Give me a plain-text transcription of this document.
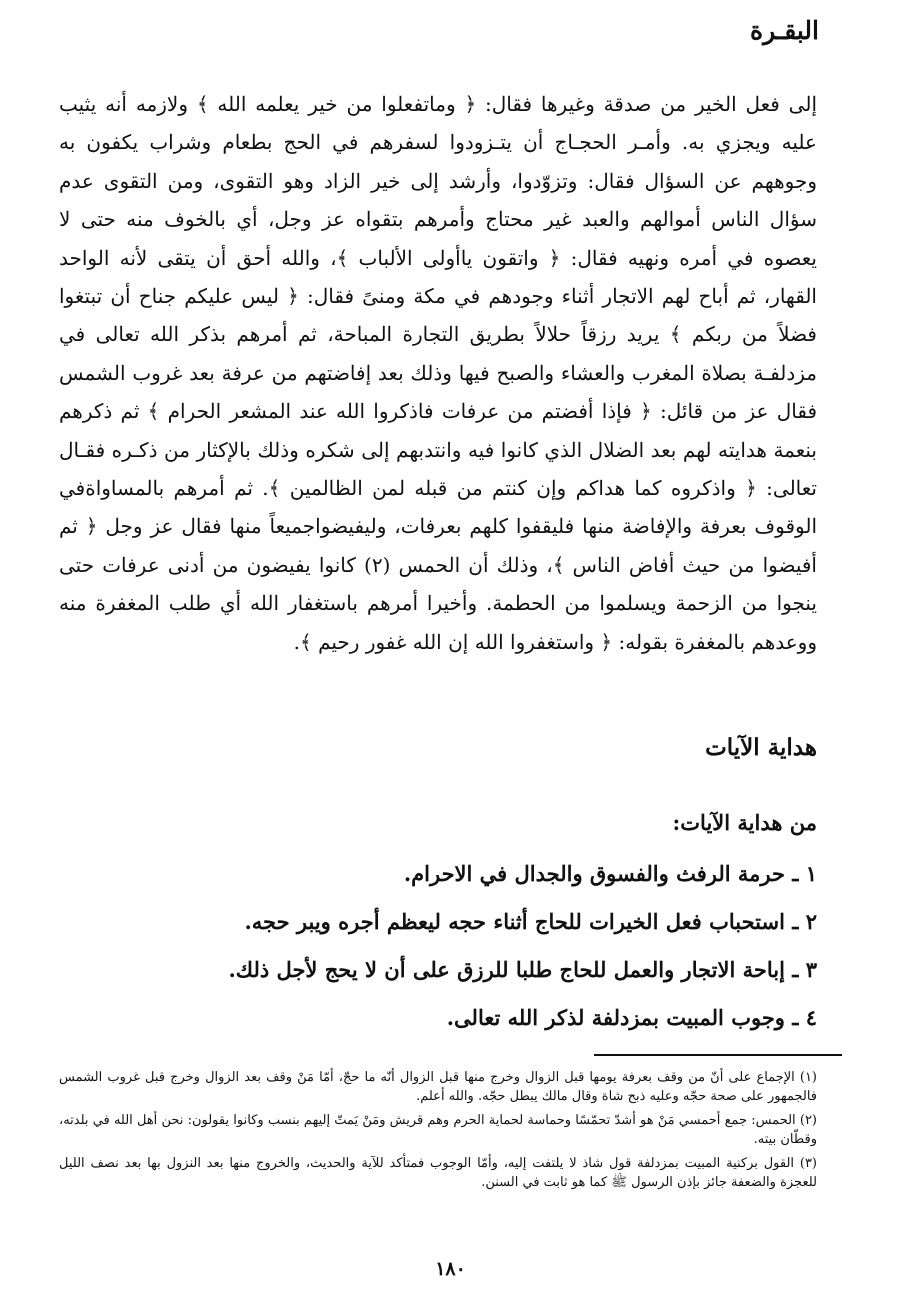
البقـرة

إلى فعل الخير من صدقة وغيرها فقال: ﴿ وماتفعلوا من خير يعلمه الله ﴾ ولازمه أنه يثيب عليه ويجزي به. وأمـر الحجـاج أن يتـزودوا لسفرهم في الحج بطعام وشراب يكفون به وجوههم عن السؤال فقال: وتزوّدوا، وأرشد إلى خير الزاد وهو التقوى، ومن التقوى عدم سؤال الناس أموالهم والعبد غير محتاج وأمرهم بتقواه عز وجل، أي بالخوف منه حتى لا يعصوه في أمره ونهيه فقال: ﴿ واتقون ياأولى الألباب ﴾، والله أحق أن يتقى لأنه الواحد القهار، ثم أباح لهم الاتجار أثناء وجودهم في مكة ومنىً فقال: ﴿ ليس عليكم جناح أن تبتغوا فضلاً من ربكم ﴾ يريد رزقاً حلالاً بطريق التجارة المباحة، ثم أمرهم بذكر الله تعالى في مزدلفـة بصلاة المغرب والعشاء والصبح فيها وذلك بعد إفاضتهم من عرفة بعد غروب الشمس فقال عز من قائل: ﴿ فإذا أفضتم من عرفات فاذكروا الله عند المشعر الحرام ﴾ ثم ذكرهم بنعمة هدايته لهم بعد الضلال الذي كانوا فيه وانتدبهم إلى شكره وذلك بالإكثار من ذكـره فقـال تعالى: ﴿ واذكروه كما هداكم وإن كنتم من قبله لمن الظالمين ﴾. ثم أمرهم بالمساواةفي الوقوف بعرفة والإفاضة منها فليقفوا كلهم بعرفات، وليفيضواجميعاً منها فقال عز وجل ﴿ ثم أفيضوا من حيث أفاض الناس ﴾، وذلك أن الحمس (٢) كانوا يفيضون من أدنى عرفات حتى ينجوا من الزحمة ويسلموا من الحطمة. وأخيرا أمرهم باستغفار الله أي طلب المغفرة منه ووعدهم بالمغفرة بقوله: ﴿ واستغفروا الله إن الله غفور رحيم ﴾.

هداية الآيات
من هداية الآيات:
١ ـ حرمة الرفث والفسوق والجدال في الاحرام.
٢ ـ استحباب فعل الخيرات للحاج أثناء حجه ليعظم أجره ويبر حجه.
٣ ـ إباحة الاتجار والعمل للحاج طلبا للرزق على أن لا يحج لأجل ذلك.
٤ ـ وجوب المبيت بمزدلفة لذكر الله تعالى.

(١) الإجماع على أنّ من وقف بعرفة يومها قبل الزوال وخرج منها قبل الزوال أنّه ما حجّ، أمّا مَنْ وقف بعد الزوال وخرج قبل غروب الشمس فالجمهور على صحة حجّه وعليه ذبح شاة وقال مالك يبطل حجّه. والله أعلم.

(٢) الحمس: جمع أحمسي مَنْ هو أشدّ تحمّسًا وحماسة لحماية الحرم وهم قريش ومَنْ يَمتّ إليهم بنسب وكانوا يقولون: نحن أهل الله في بلدته، وقطّان بيته.

(٣) القول بركنية المبيت بمزدلفة قول شاذ لا يلتفت إليه، وأمّا الوجوب فمتأكد للآية والحديث، والخروج منها بعد النزول بها بعد نصف الليل للعجزة والضعفة جائز بإذن الرسول ﷺ كما هو ثابت في السنن.

١٨٠
